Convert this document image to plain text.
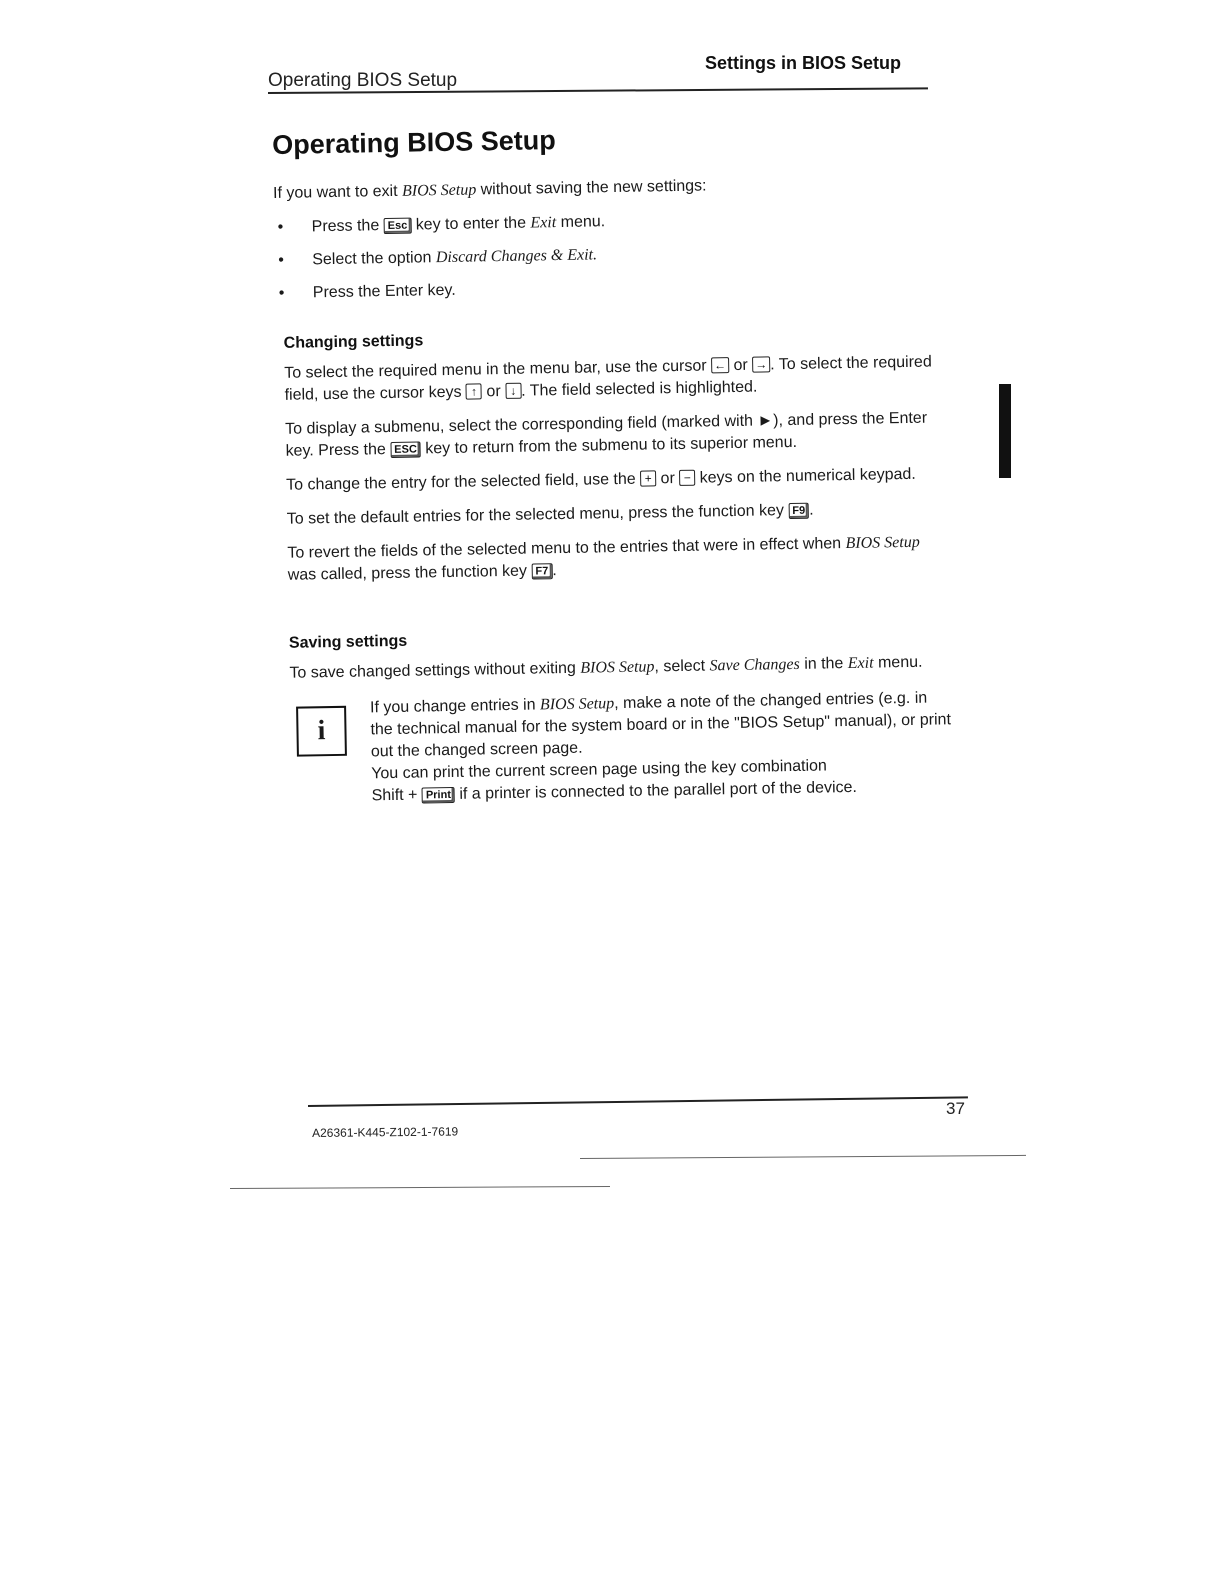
Operating BIOS Setup
Settings in BIOS Setup
Operating BIOS Setup

If you want to exit BIOS Setup without saving the new settings:

• Press the Esc key to enter the Exit menu.
• Select the option Discard Changes & Exit.
• Press the Enter key.
Changing settings

To select the required menu in the menu bar, use the cursor ← or → . To select the required field, use the cursor keys ↑ or ↓ . The field selected is highlighted.

To display a submenu, select the corresponding field (marked with ►), and press the Enter key. Press the ESC key to return from the submenu to its superior menu.

To change the entry for the selected field, use the + or − keys on the numerical keypad.

To set the default entries for the selected menu, press the function key F9 .

To revert the fields of the selected menu to the entries that were in effect when BIOS Setup was called, press the function key F7 .

Saving settings

To save changed settings without exiting BIOS Setup, select Save Changes in the Exit menu.

i

If you change entries in BIOS Setup, make a note of the changed entries (e.g. in the technical manual for the system board or in the "BIOS Setup" manual), or print out the changed screen page.

You can print the current screen page using the key combination

Shift + Print if a printer is connected to the parallel port of the device.

37
A26361-K445-Z102-1-7619
